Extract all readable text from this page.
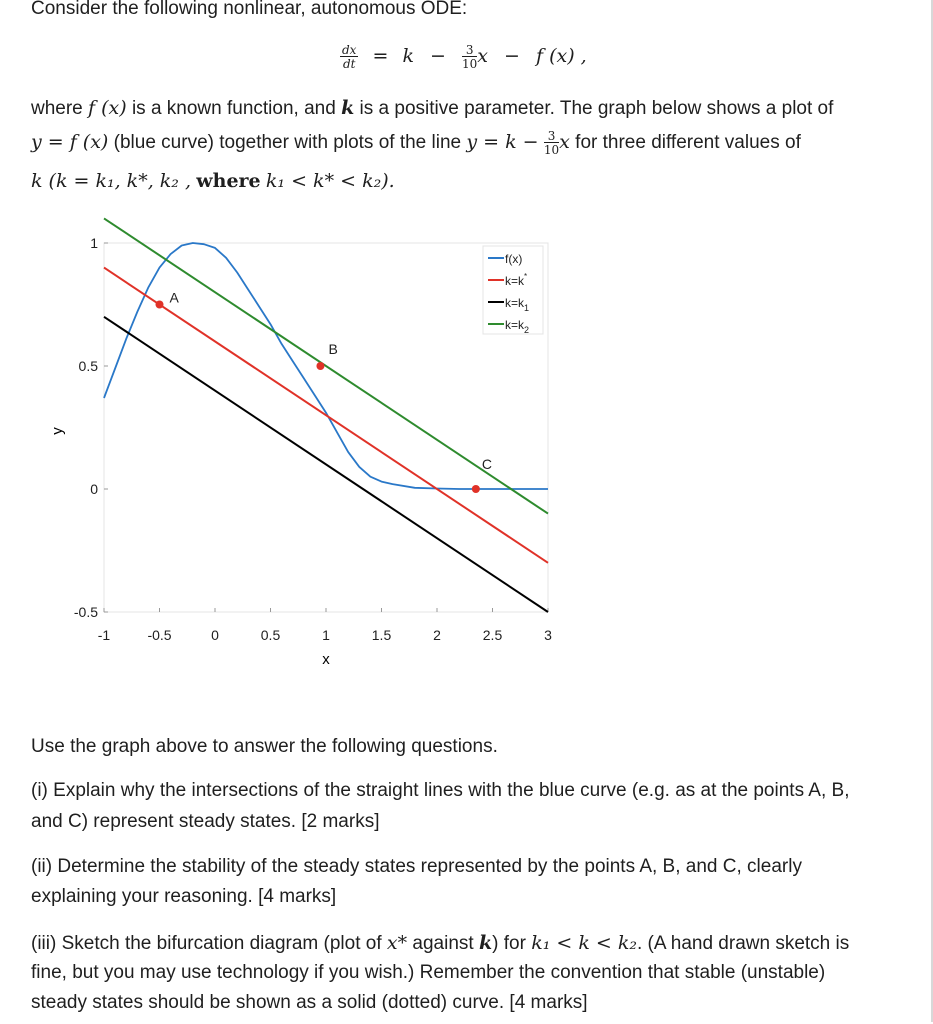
Consider the following nonlinear, autonomous ODE:
$\frac{dx}{dt} = k - \frac{3}{10}$ x − f (x) ,
where f (x) is a known function, and k is a positive parameter. The graph below shows a plot of
y = f (x) (blue curve) together with plots of the line $y = k - \frac{3}{10}$ x for three different values of
k (k = k₁, k*, k₂ , where k₁ < k* < k₂).
-1	-0.5	0	0.5	1	1.5	2	2.5	3
-0.5
0
0.5
1
A
B
C
x
y
f(x)
k=k*
$k=k_1$
$k=k_2$
Use the graph above to answer the following questions.
(i) Explain why the intersections of the straight lines with the blue curve (e.g. as at the points A, B,
and C) represent steady states. [2 marks]
(ii) Determine the stability of the steady states represented by the points A, B, and C, clearly
explaining your reasoning. [4 marks]
(iii) Sketch the bifurcation diagram (plot of x* against k) for k₁ < k < k₂. (A hand drawn sketch is
fine, but you may use technology if you wish.) Remember the convention that stable (unstable)
steady states should be shown as a solid (dotted) curve. [4 marks]
